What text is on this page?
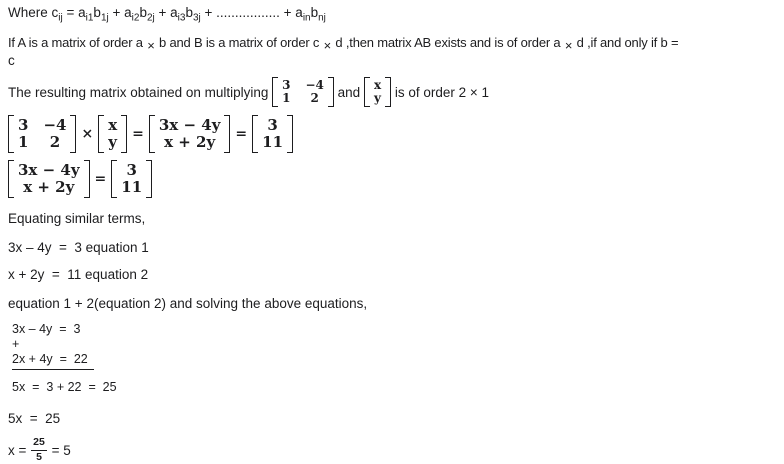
Where $c_{ij} = a_{i1}b_{1j} + a_{i2}b_{2j} + a_{i3}b_{3j}$ + ................. + $a_{in}b_{nj}$
If A is a matrix of order a × b and B is a matrix of order c × d ,then matrix AB exists and is of order a × d ,if and only if b =
c
The resulting matrix obtained on multiplying 3 −4
1 2 and x
y is of order 2 × 1
3 −4
1 2 × x
y = 3x − 4y
x + 2y = 3
11
3x − 4y
x + 2y = 3
11
Equating similar terms,
3x – 4y  =  3 equation 1
x + 2y  =  11 equation 2
equation 1 + 2(equation 2) and solving the above equations,
3x – 4y  =  3
+
2x + 4y  =  22
5x  =  3 + 22  =  25
5x  =  25
$x = \frac{25}{5} = 5$
